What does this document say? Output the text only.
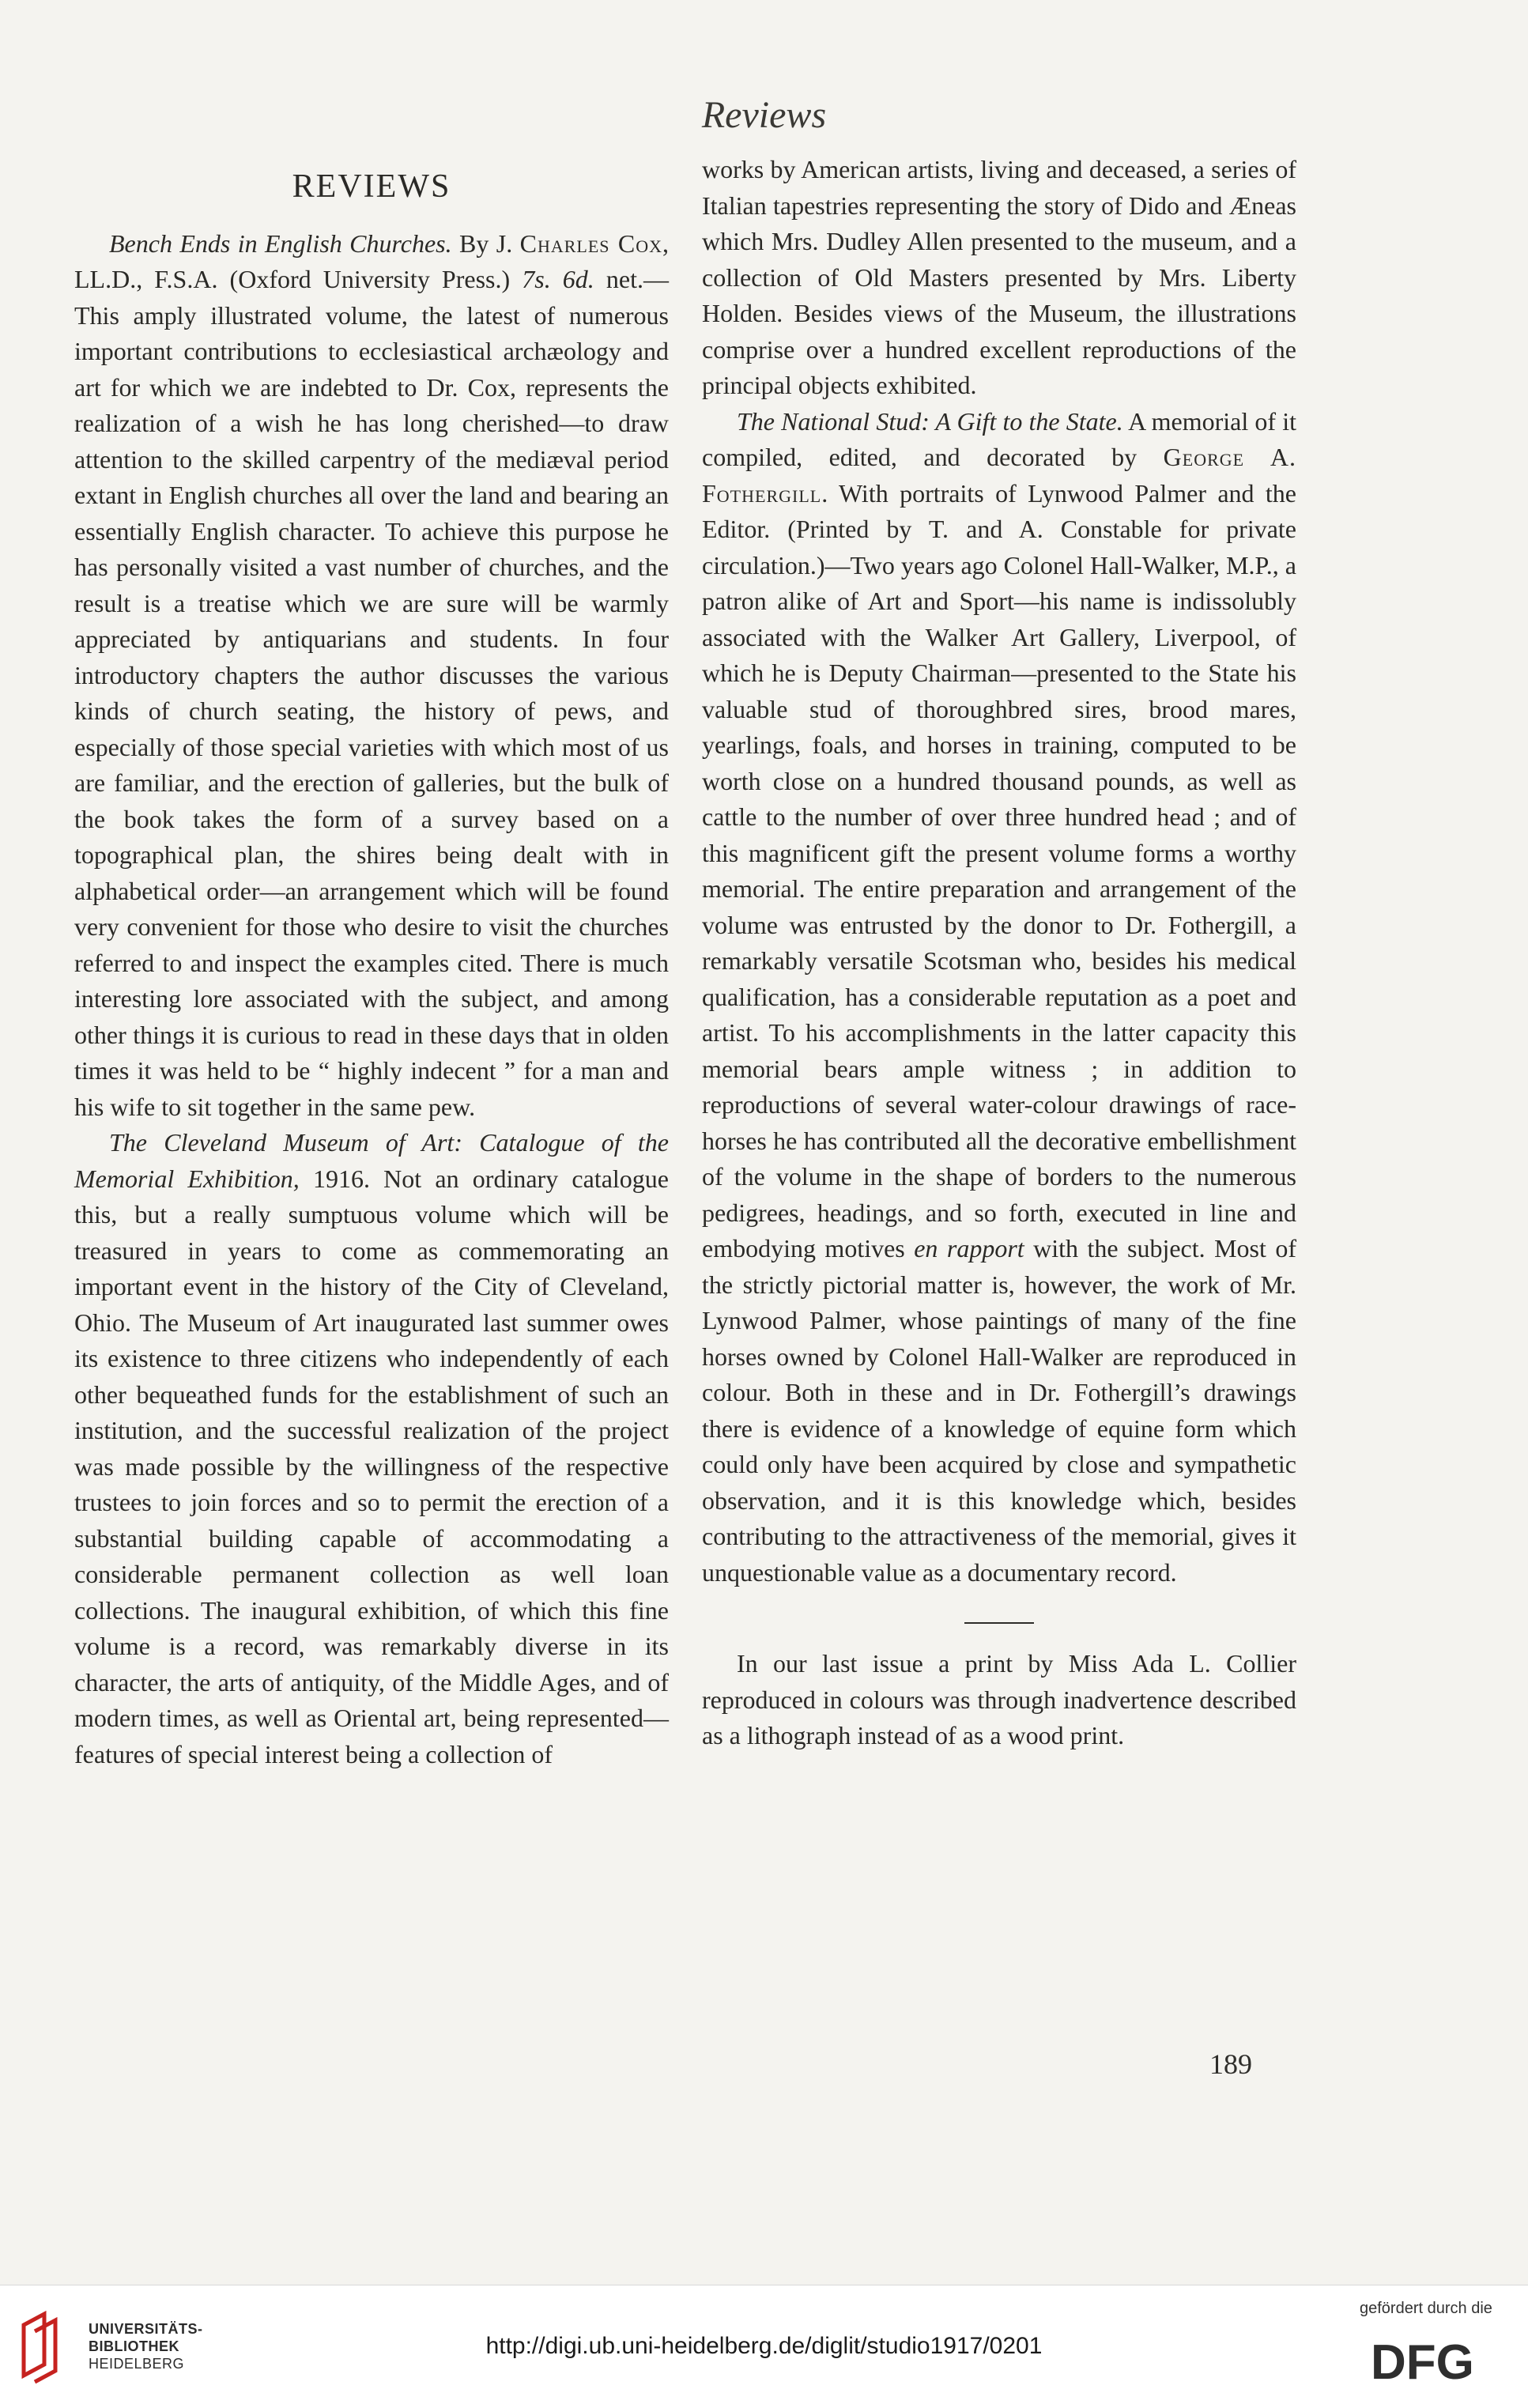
Reviews
REVIEWS

Bench Ends in English Churches. By J. Charles Cox, LL.D., F.S.A. (Oxford University Press.) 7s. 6d. net.—This amply illustrated volume, the latest of numerous important contributions to ecclesiastical archæology and art for which we are indebted to Dr. Cox, represents the realization of a wish he has long cherished—to draw attention to the skilled carpentry of the mediæval period extant in English churches all over the land and bearing an essentially English character. To achieve this purpose he has personally visited a vast number of churches, and the result is a treatise which we are sure will be warmly appreciated by antiquarians and students. In four introductory chapters the author discusses the various kinds of church seating, the history of pews, and especially of those special varieties with which most of us are familiar, and the erection of galleries, but the bulk of the book takes the form of a survey based on a topographical plan, the shires being dealt with in alphabetical order—an arrangement which will be found very convenient for those who desire to visit the churches referred to and inspect the examples cited. There is much interesting lore associated with the subject, and among other things it is curious to read in these days that in olden times it was held to be “ highly indecent ” for a man and his wife to sit together in the same pew.

The Cleveland Museum of Art: Catalogue of the Memorial Exhibition, 1916. Not an ordinary catalogue this, but a really sumptuous volume which will be treasured in years to come as commemorating an important event in the history of the City of Cleveland, Ohio. The Museum of Art inaugurated last summer owes its existence to three citizens who independently of each other bequeathed funds for the establishment of such an institution, and the successful realization of the project was made possible by the willingness of the respective trustees to join forces and so to permit the erection of a substantial building capable of accommodating a considerable permanent collection as well loan collections. The inaugural exhibition, of which this fine volume is a record, was remarkably diverse in its character, the arts of antiquity, of the Middle Ages, and of modern times, as well as Oriental art, being represented—features of special interest being a collection of

works by American artists, living and deceased, a series of Italian tapestries representing the story of Dido and Æneas which Mrs. Dudley Allen presented to the museum, and a collection of Old Masters presented by Mrs. Liberty Holden. Besides views of the Museum, the illustrations comprise over a hundred excellent reproductions of the principal objects exhibited.

The National Stud: A Gift to the State. A memorial of it compiled, edited, and decorated by George A. Fothergill. With portraits of Lynwood Palmer and the Editor. (Printed by T. and A. Constable for private circulation.)—Two years ago Colonel Hall-Walker, M.P., a patron alike of Art and Sport—his name is indissolubly associated with the Walker Art Gallery, Liverpool, of which he is Deputy Chairman—presented to the State his valuable stud of thoroughbred sires, brood mares, yearlings, foals, and horses in training, computed to be worth close on a hundred thousand pounds, as well as cattle to the number of over three hundred head ; and of this magnificent gift the present volume forms a worthy memorial. The entire preparation and arrangement of the volume was entrusted by the donor to Dr. Fothergill, a remarkably versatile Scotsman who, besides his medical qualification, has a considerable reputation as a poet and artist. To his accomplishments in the latter capacity this memorial bears ample witness ; in addition to reproductions of several water-colour drawings of race-horses he has contributed all the decorative embellishment of the volume in the shape of borders to the numerous pedigrees, headings, and so forth, executed in line and embodying motives en rapport with the subject. Most of the strictly pictorial matter is, however, the work of Mr. Lynwood Palmer, whose paintings of many of the fine horses owned by Colonel Hall-Walker are reproduced in colour. Both in these and in Dr. Fothergill’s drawings there is evidence of a knowledge of equine form which could only have been acquired by close and sympathetic observation, and it is this knowledge which, besides contributing to the attractiveness of the memorial, gives it unquestionable value as a documentary record.

In our last issue a print by Miss Ada L. Collier reproduced in colours was through inadvertence described as a lithograph instead of as a wood print.

189
UNIVERSITÄTS-
BIBLIOTHEK
HEIDELBERG
http://digi.ub.uni-heidelberg.de/diglit/studio1917/0201
gefördert durch die
DFG
